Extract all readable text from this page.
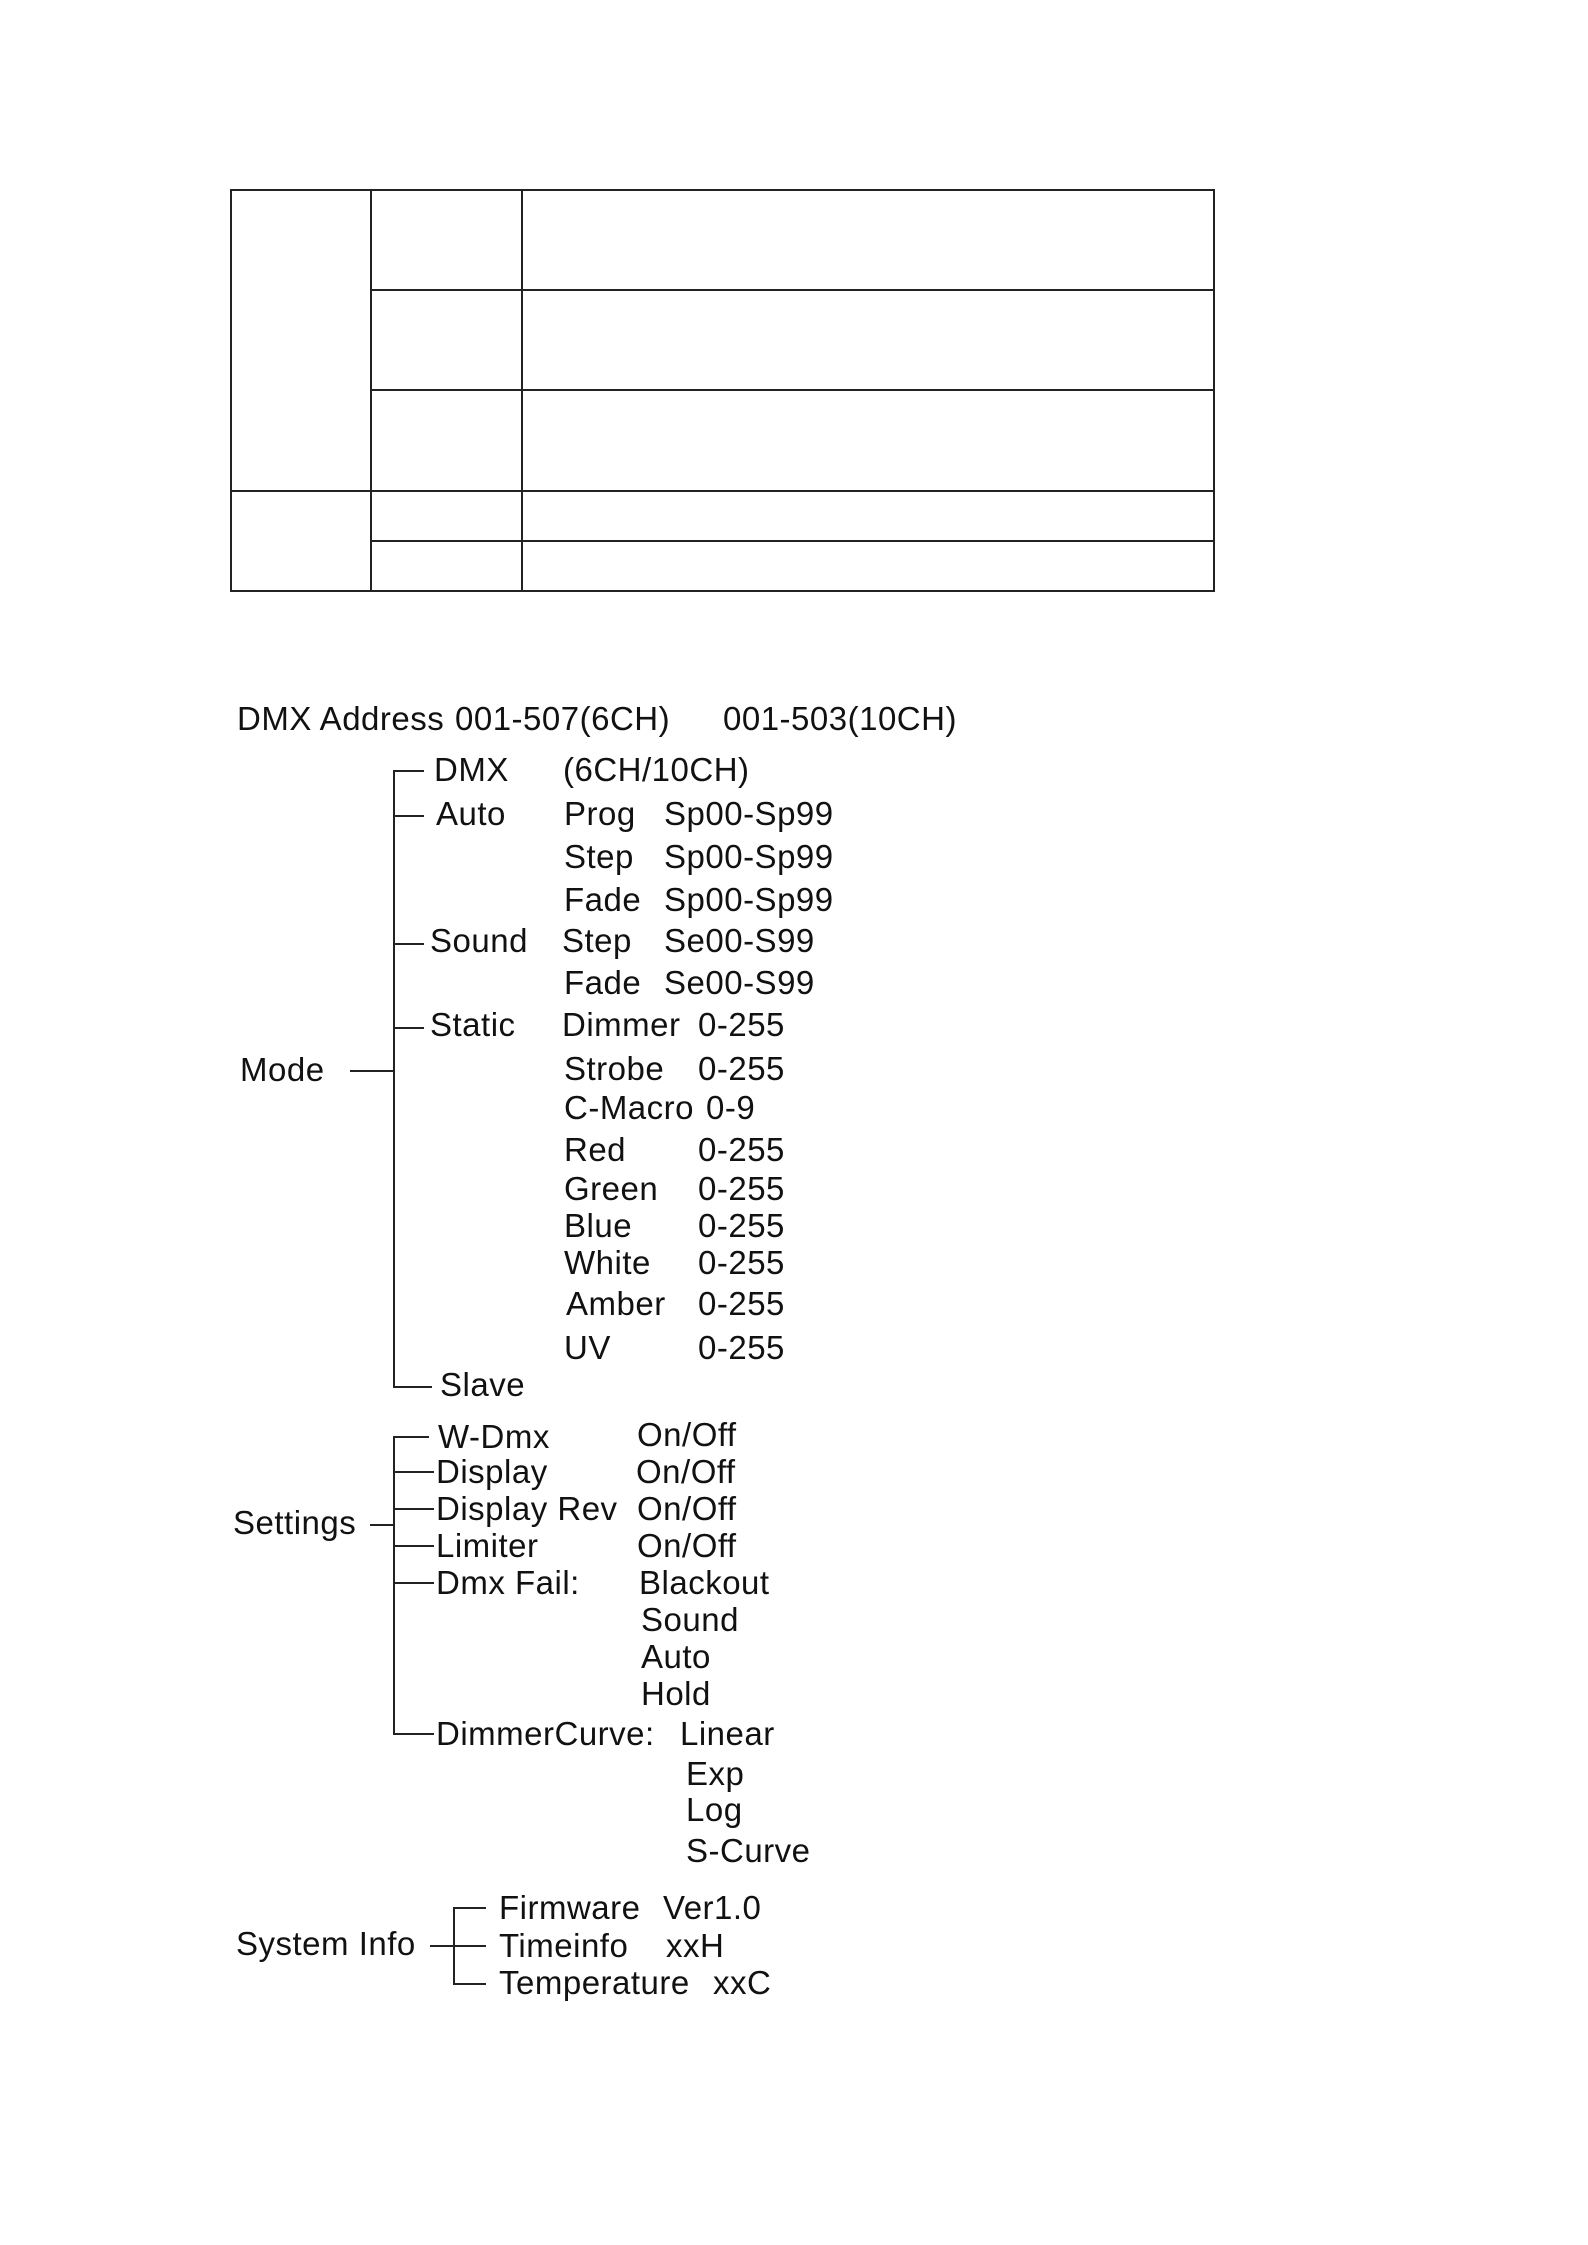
DMX Address 001-507(6CH) 001-503(10CH)
Mode
DMX (6CH/10CH)
Auto Prog Sp00-Sp99
Step Sp00-Sp99
Fade Sp00-Sp99
Sound Step Se00-S99
Fade Se00-S99
Static Dimmer 0-255
Strobe 0-255
C-Macro 0-9
Red 0-255
Green 0-255
Blue 0-255
White 0-255
Amber 0-255
UV	0-255
Slave
Settings
W-Dmx	On/Off
Display	On/Off
Display Rev On/Off
Limiter	On/Off
Dmx Fail: Blackout
Sound
Auto
Hold
DimmerCurve: Linear
Exp
Log
S-Curve
System Info
Firmware Ver1.0
Timeinfo xxH
Temperature xxC
